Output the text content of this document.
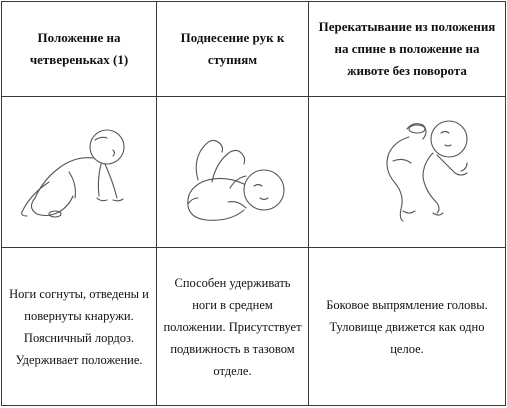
Положение на четвереньках (1)	Поднесение рук к ступням	Перекатывание из положения на спине в положение на животе без поворота

Ноги согнуты, отведены и повернуты кнаружи. Поясничный лордоз. Удерживает положение.	Способен удерживать ноги в среднем положении. Присутствует подвижность в тазовом отделе.	Боковое выпрямление головы. Туловище движется как одно целое.
